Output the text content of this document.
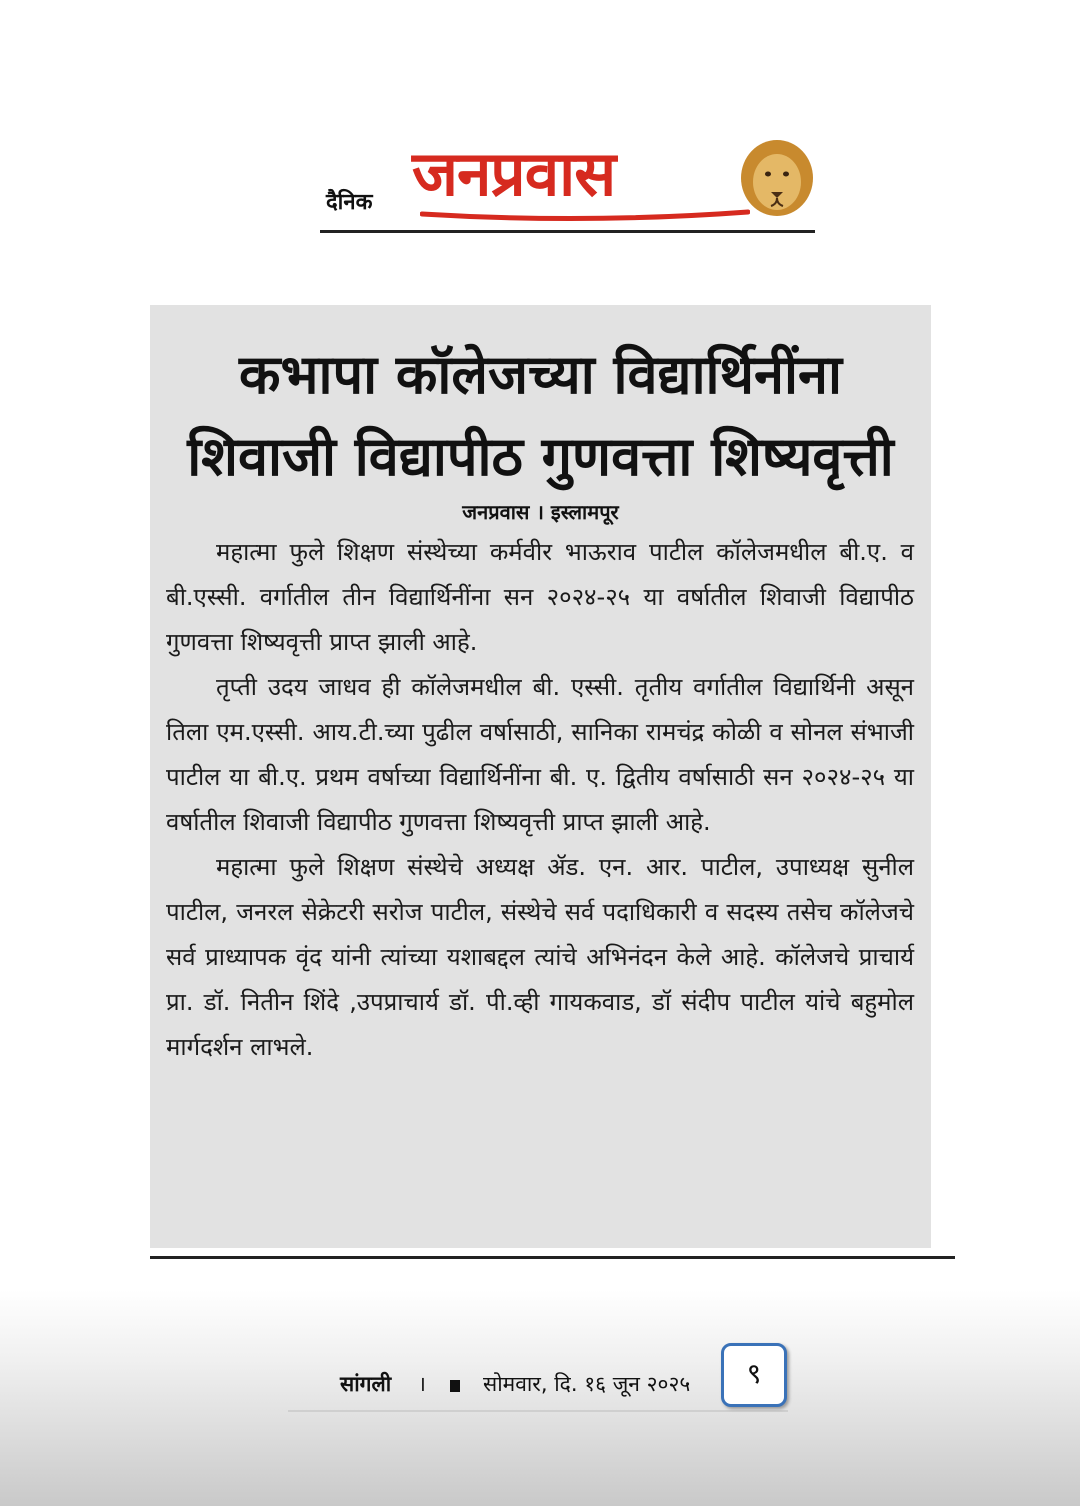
दैनिक जनप्रवास
कभापा कॉलेजच्या विद्यार्थिनींना
शिवाजी विद्यापीठ गुणवत्ता शिष्यवृत्ती
जनप्रवास । इस्लामपूर

महात्मा फुले शिक्षण संस्थेच्या कर्मवीर भाऊराव पाटील कॉलेजमधील बी.ए. व बी.एस्सी. वर्गातील तीन विद्यार्थिनींना सन २०२४-२५ या वर्षातील शिवाजी विद्यापीठ गुणवत्ता शिष्यवृत्ती प्राप्त झाली आहे.

तृप्ती उदय जाधव ही कॉलेजमधील बी. एस्सी. तृतीय वर्गातील विद्यार्थिनी असून तिला एम.एस्सी. आय.टी.च्या पुढील वर्षासाठी, सानिका रामचंद्र कोळी व सोनल संभाजी पाटील या बी.ए. प्रथम वर्षाच्या विद्यार्थिनींना बी. ए. द्वितीय वर्षासाठी सन २०२४-२५ या वर्षातील शिवाजी विद्यापीठ गुणवत्ता शिष्यवृत्ती प्राप्त झाली आहे.

महात्मा फुले शिक्षण संस्थेचे अध्यक्ष ॲड. एन. आर. पाटील, उपाध्यक्ष सुनील पाटील, जनरल सेक्रेटरी सरोज पाटील, संस्थेचे सर्व पदाधिकारी व सदस्य तसेच कॉलेजचे सर्व प्राध्यापक वृंद यांनी त्यांच्या यशाबद्दल त्यांचे अभिनंदन केले आहे. कॉलेजचे प्राचार्य प्रा. डॉ. नितीन शिंदे ,उपप्राचार्य डॉ. पी.व्ही गायकवाड, डॉ संदीप पाटील यांचे बहुमोल मार्गदर्शन लाभले.

सांगली ।	सोमवार, दि. १६ जून २०२५	९
